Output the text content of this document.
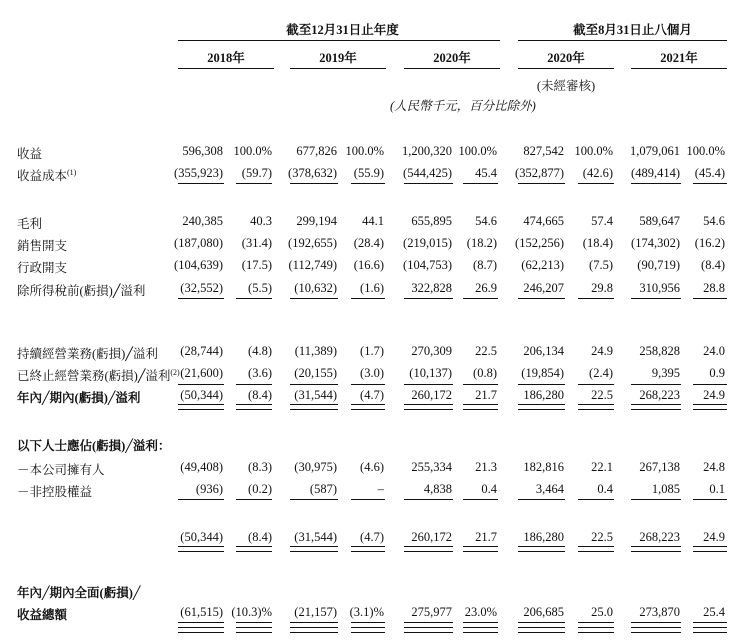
截至12月31日止年度	截至8月31日止八個月
2018年	2019年	2020年	2020年	2021年
(未經審核)
(人民幣千元，百分比除外)
收益	596,308 100.0%	677,826 100.0%	1,200,320 100.0%	827,542 100.0%	1,079,061 100.0%
收益成本$^{(1)}$	(355,923)	(59.7)	(378,632)	(55.9)	(544,425)	45.4	(352,877)	(42.6)	(489,414)	(45.4)
毛利	240,385	40.3	299,194	44.1	655,895	54.6	474,665	57.4	589,647	54.6
銷售開支	(187,080)	(31.4)	(192,655)	(28.4)	(219,015)	(18.2)	(152,256)	(18.4)	(174,302)	(16.2)
行政開支	(104,639)	(17.5)	(112,749)	(16.6)	(104,753)	(8.7)	(62,213)	(7.5)	(90,719)	(8.4)
除所得稅前(虧損)╱溢利	(32,552)	(5.5)	(10,632)	(1.6)	322,828	26.9	246,207	29.8	310,956	28.8
持續經營業務(虧損)╱溢利	(28,744)	(4.8)	(11,389)	(1.7)	270,309	22.5	206,134	24.9	258,828	24.0
已終止經營業務(虧損)╱溢利$^{(2)}$ (21,600)	(3.6)	(20,155)	(3.0)	(10,137)	(0.8)	(19,854)	(2.4)	9,395	0.9
年內╱期內(虧損)╱溢利	(50,344)	(8.4)	(31,544)	(4.7)	260,172	21.7	186,280	22.5	268,223	24.9
以下人士應佔(虧損)╱溢利：
－本公司擁有人	(49,408)	(8.3)	(30,975)	(4.6)	255,334	21.3	182,816	22.1	267,138	24.8
－非控股權益	(936)	(0.2)	(587)	–	4,838	0.4	3,464	0.4	1,085	0.1
(50,344)	(8.4)	(31,544)	(4.7)	260,172	21.7	186,280	22.5	268,223	24.9
年內╱期內全面(虧損)╱
收益總額	(61,515) (10.3)%	(21,157)	(3.1)%	275,977	23.0%	206,685	25.0	273,870	25.4
